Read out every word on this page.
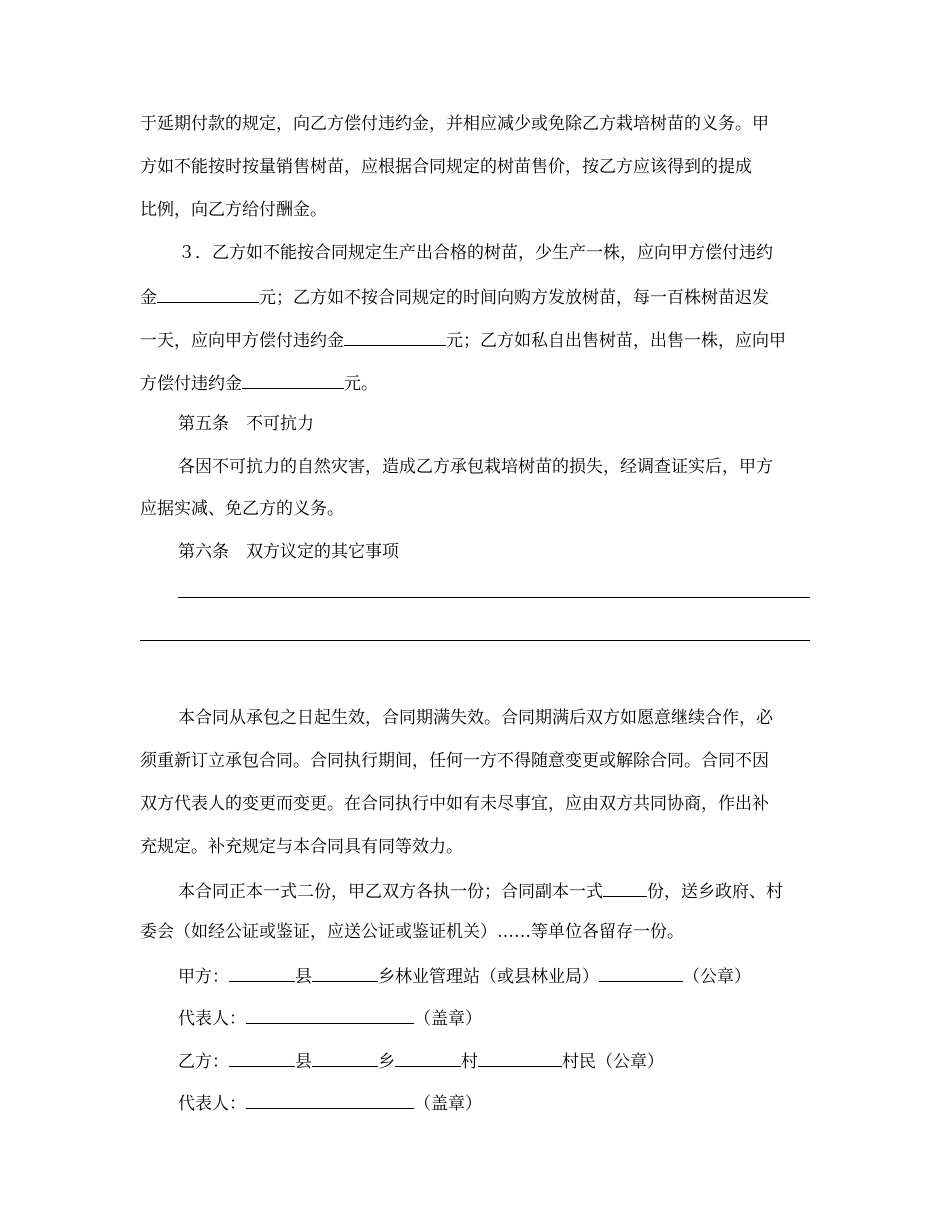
于延期付款的规定，向乙方偿付违约金，并相应减少或免除乙方栽培树苗的义务。甲
方如不能按时按量销售树苗，应根据合同规定的树苗售价，按乙方应该得到的提成
比例，向乙方给付酬金。
３．乙方如不能按合同规定生产出合格的树苗，少生产一株，应向甲方偿付违约
金	元；乙方如不按合同规定的时间向购方发放树苗，每一百株树苗迟发
一天，应向甲方偿付违约金	元；乙方如私自出售树苗，出售一株，应向甲
方偿付违约金	元。
第五条　不可抗力
各因不可抗力的自然灾害，造成乙方承包栽培树苗的损失，经调查证实后，甲方
应据实减、免乙方的义务。
第六条　双方议定的其它事项
本合同从承包之日起生效，合同期满失效。合同期满后双方如愿意继续合作，必
须重新订立承包合同。合同执行期间，任何一方不得随意变更或解除合同。合同不因
双方代表人的变更而变更。在合同执行中如有未尽事宜，应由双方共同协商，作出补
充规定。补充规定与本合同具有同等效力。
本合同正本一式二份，甲乙双方各执一份；合同副本一式	份，送乡政府、村
委会（如经公证或鉴证，应送公证或鉴证机关）……等单位各留存一份。
甲方：	县	乡林业管理站（或县林业局）	（公章）
代表人：	（盖章）
乙方：	县	乡	村	村民（公章）
代表人：	（盖章）
